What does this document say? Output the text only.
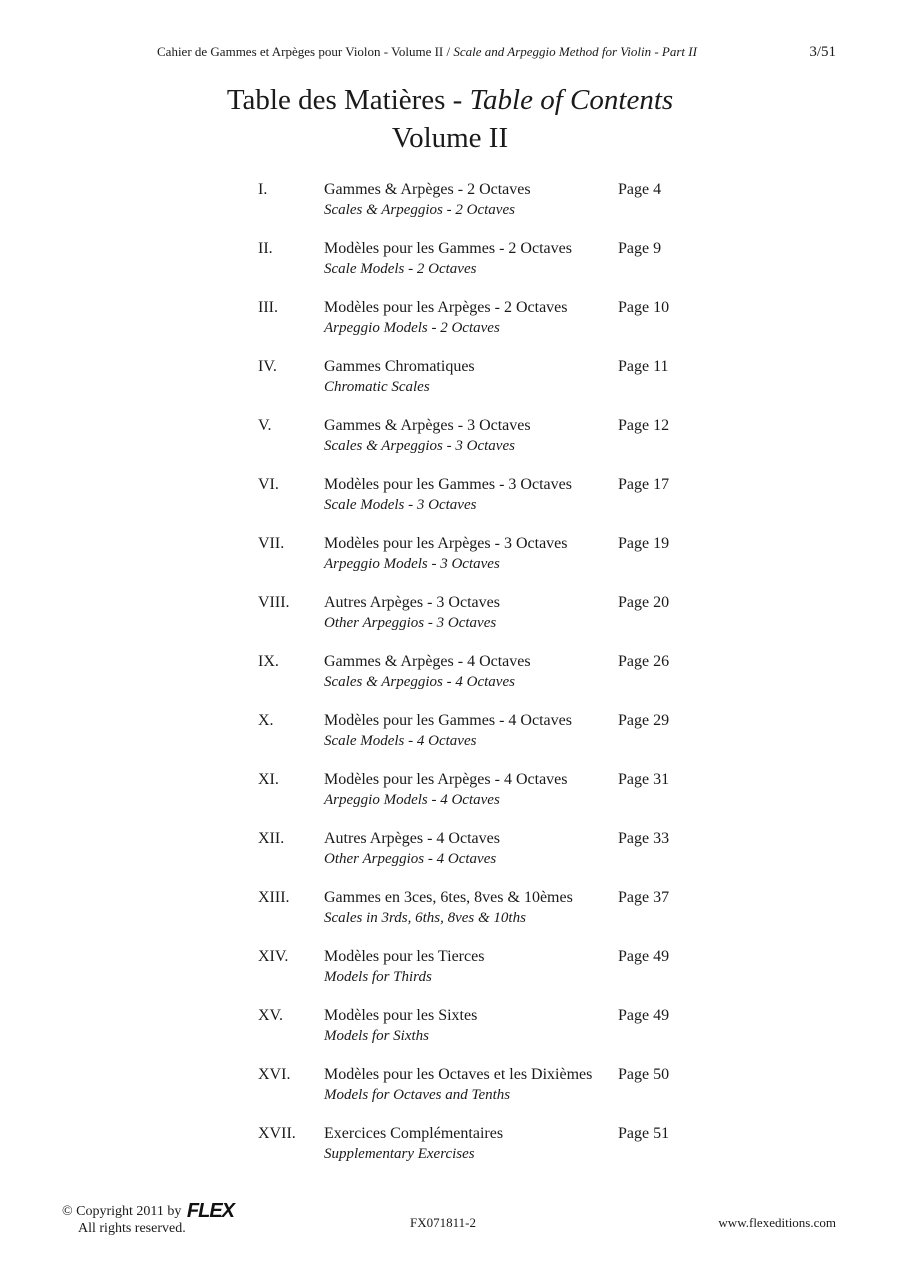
Cahier de Gammes et Arpèges pour Violon - Volume II / Scale and Arpeggio Method for Violin - Part II	3/51
Table des Matières - Table of Contents
Volume II
I.	Gammes & Arpèges - 2 Octaves
Scales & Arpeggios - 2 Octaves
Page 4
II.	Modèles pour les Gammes - 2 Octaves
Scale Models - 2 Octaves
Page 9
III.	Modèles pour les Arpèges - 2 Octaves
Arpeggio Models - 2 Octaves
Page 10
IV.	Gammes Chromatiques
Chromatic Scales
Page 11
V.	Gammes & Arpèges - 3 Octaves
Scales & Arpeggios - 3 Octaves
Page 12
VI.	Modèles pour les Gammes - 3 Octaves
Scale Models - 3 Octaves
Page 17
VII. Modèles pour les Arpèges - 3 Octaves
Arpeggio Models - 3 Octaves
Page 19
VIII. Autres Arpèges - 3 Octaves
Other Arpeggios - 3 Octaves
Page 20
IX.	Gammes & Arpèges - 4 Octaves
Scales & Arpeggios - 4 Octaves
Page 26
X.	Modèles pour les Gammes - 4 Octaves
Scale Models - 4 Octaves
Page 29
XI.	Modèles pour les Arpèges - 4 Octaves
Arpeggio Models - 4 Octaves
Page 31
XII. Autres Arpèges - 4 Octaves
Other Arpeggios - 4 Octaves
Page 33
XIII. Gammes en 3ces, 6tes, 8ves & 10èmes
Scales in 3rds, 6ths, 8ves & 10ths
Page 37
XIV. Modèles pour les Tierces
Models for Thirds
Page 49
XV.	Modèles pour les Sixtes
Models for Sixths
Page 49
XVI. Modèles pour les Octaves et les Dixièmes
Models for Octaves and Tenths
Page 50
XVII. Exercices Complémentaires
Supplementary Exercises
Page 51
© Copyright 2011 by FLEX
All rights reserved.	FX071811-2	www.flexeditions.com
